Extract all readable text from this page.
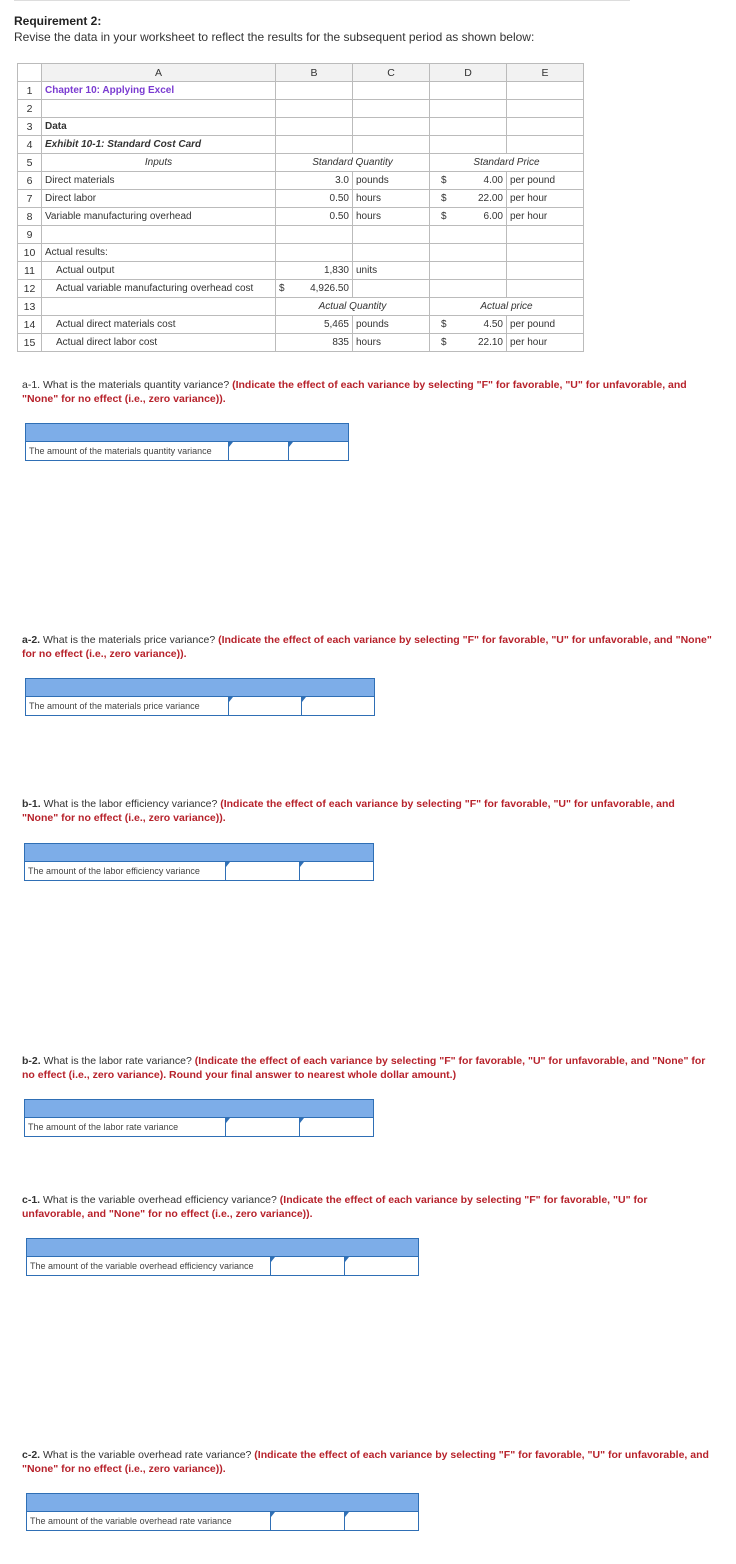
Requirement 2:
Revise the data in your worksheet to reflect the results for the subsequent period as shown below:
	A	B	C	D	E
1	Chapter 10: Applying Excel				
2					
3	Data				
4	Exhibit 10-1: Standard Cost Card				
5	Inputs	Standard Quantity		Standard Price	
6	Direct materials	3.0	pounds	$ 4.00	per pound
7	Direct labor	0.50	hours	$ 22.00	per hour
8	Variable manufacturing overhead	0.50	hours	$ 6.00	per hour
9					
10	Actual results:				
11	Actual output	1,830	units		
12	Actual variable manufacturing overhead cost	$ 4,926.50			

13		Actual Quantity		Actual price	
14	Actual direct materials cost	5,465	pounds	$ 4.50	per pound
15	Actual direct labor cost	835	hours	$ 22.10	per hour
a-1. What is the materials quantity variance? (Indicate the effect of each variance by selecting "F" for favorable, "U" for unfavorable, and "None" for no effect (i.e., zero variance)).
The amount of the materials quantity variance
a-2. What is the materials price variance? (Indicate the effect of each variance by selecting "F" for favorable, "U" for unfavorable, and "None" for no effect (i.e., zero variance)).
The amount of the materials price variance
b-1. What is the labor efficiency variance? (Indicate the effect of each variance by selecting "F" for favorable, "U" for unfavorable, and "None" for no effect (i.e., zero variance)).
The amount of the labor efficiency variance
b-2. What is the labor rate variance? (Indicate the effect of each variance by selecting "F" for favorable, "U" for unfavorable, and "None" for no effect (i.e., zero variance). Round your final answer to nearest whole dollar amount.)
The amount of the labor rate variance
c-1. What is the variable overhead efficiency variance? (Indicate the effect of each variance by selecting "F" for favorable, "U" for unfavorable, and "None" for no effect (i.e., zero variance)).
The amount of the variable overhead efficiency variance
c-2. What is the variable overhead rate variance? (Indicate the effect of each variance by selecting "F" for favorable, "U" for unfavorable, and "None" for no effect (i.e., zero variance)).
The amount of the variable overhead rate variance
